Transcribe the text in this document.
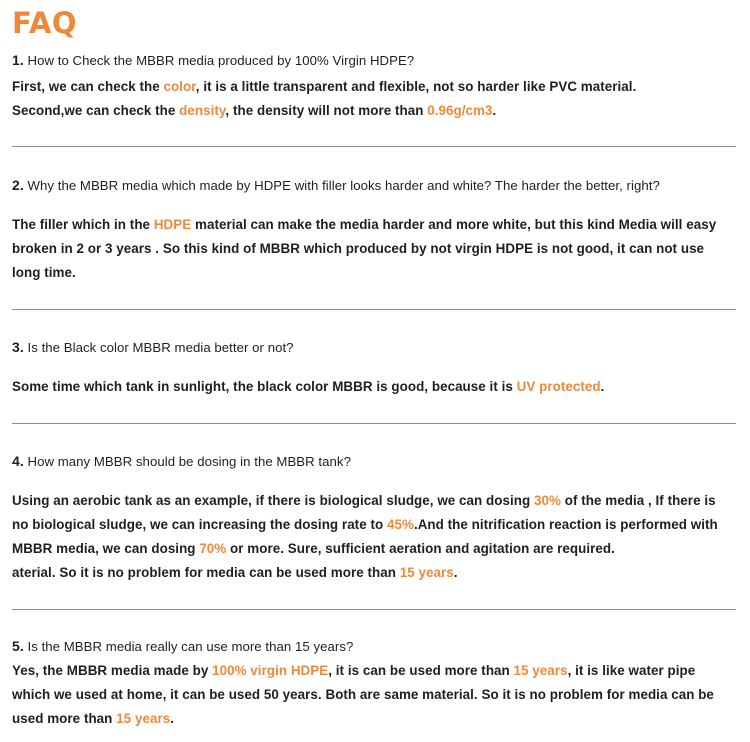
FAQ
1. How to Check the MBBR media produced by 100% Virgin HDPE?
First, we can check the color, it is a little transparent and flexible, not so harder like PVC material.
Second,we can check the density, the density will not more than 0.96g/cm3.
2. Why the MBBR media which made by HDPE with filler looks harder and white? The harder the better, right?
The filler which in the HDPE material can make the media harder and more white, but this kind Media will easy
broken in 2 or 3 years . So this kind of MBBR which produced by not virgin HDPE is not good, it can not use
long time.
3. Is the Black color MBBR media better or not?
Some time which tank in sunlight, the black color MBBR is good, because it is UV protected.
4. How many MBBR should be dosing in the MBBR tank?
Using an aerobic tank as an example, if there is biological sludge, we can dosing 30% of the media , If there is
no biological sludge, we can increasing the dosing rate to 45%.And the nitrification reaction is performed with
MBBR media, we can dosing 70% or more. Sure, sufficient aeration and agitation are required.
aterial. So it is no problem for media can be used more than 15 years.
5. Is the MBBR media really can use more than 15 years?
Yes, the MBBR media made by 100% virgin HDPE, it is can be used more than 15 years, it is like water pipe
which we used at home, it can be used 50 years. Both are same material. So it is no problem for media can be
used more than 15 years.
